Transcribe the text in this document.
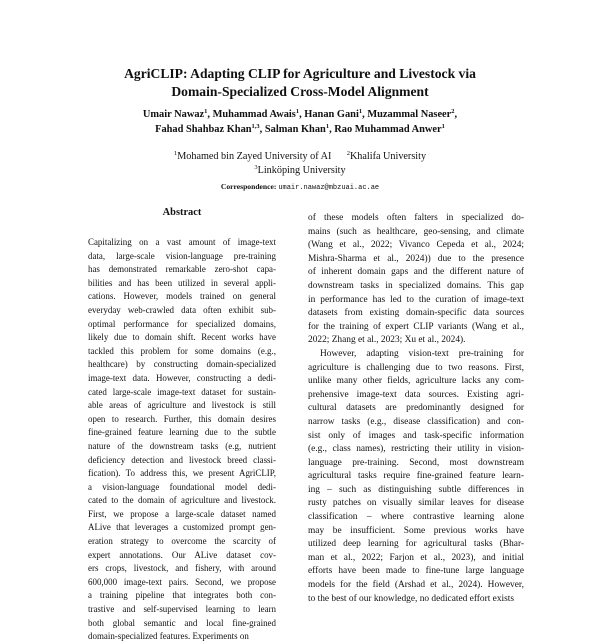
AgriCLIP: Adapting CLIP for Agriculture and Livestock via
Domain-Specialized Cross-Model Alignment
Umair Nawaz$^1$, Muhammad Awais$^1$, Hanan Gani$^1$, Muzammal Naseer$^2$,
Fahad Shahbaz Khan$^{1,3}$, Salman Khan$^1$, Rao Muhammad Anwer$^1$
$^1$Mohamed bin Zayed University of AI $^2$Khalifa University
$^3$Linköping University
Correspondence: umair.nawaz@mbzuai.ac.ae
Abstract
Capitalizing on a vast amount of image-text
data, large-scale vision-language pre-training
has demonstrated remarkable zero-shot capa-
bilities and has been utilized in several appli-
cations. However, models trained on general
everyday web-crawled data often exhibit sub-
optimal performance for specialized domains,
likely due to domain shift. Recent works have
tackled this problem for some domains (e.g.,
healthcare) by constructing domain-specialized
image-text data. However, constructing a dedi-
cated large-scale image-text dataset for sustain-
able areas of agriculture and livestock is still
open to research. Further, this domain desires
fine-grained feature learning due to the subtle
nature of the downstream tasks (e.g, nutrient
deficiency detection and livestock breed classi-
fication). To address this, we present AgriCLIP,
a vision-language foundational model dedi-
cated to the domain of agriculture and livestock.
First, we propose a large-scale dataset named
ALive that leverages a customized prompt gen-
eration strategy to overcome the scarcity of
expert annotations. Our ALive dataset cov-
ers crops, livestock, and fishery, with around
600,000 image-text pairs. Second, we propose
a training pipeline that integrates both con-
trastive and self-supervised learning to learn
both global semantic and local fine-grained
domain-specialized features. Experiments on
of these models often falters in specialized do-
mains (such as healthcare, geo-sensing, and climate
(Wang et al., 2022; Vivanco Cepeda et al., 2024;
Mishra-Sharma et al., 2024)) due to the presence
of inherent domain gaps and the different nature of
downstream tasks in specialized domains. This gap
in performance has led to the curation of image-text
datasets from existing domain-specific data sources
for the training of expert CLIP variants (Wang et al.,
2022; Zhang et al., 2023; Xu et al., 2024).
However, adapting vision-text pre-training for
agriculture is challenging due to two reasons. First,
unlike many other fields, agriculture lacks any com-
prehensive image-text data sources. Existing agri-
cultural datasets are predominantly designed for
narrow tasks (e.g., disease classification) and con-
sist only of images and task-specific information
(e.g., class names), restricting their utility in vision-
language pre-training. Second, most downstream
agricultural tasks require fine-grained feature learn-
ing – such as distinguishing subtle differences in
rusty patches on visually similar leaves for disease
classification – where contrastive learning alone
may be insufficient. Some previous works have
utilized deep learning for agricultural tasks (Bhar-
man et al., 2022; Farjon et al., 2023), and initial
efforts have been made to fine-tune large language
models for the field (Arshad et al., 2024). However,
to the best of our knowledge, no dedicated effort exists
